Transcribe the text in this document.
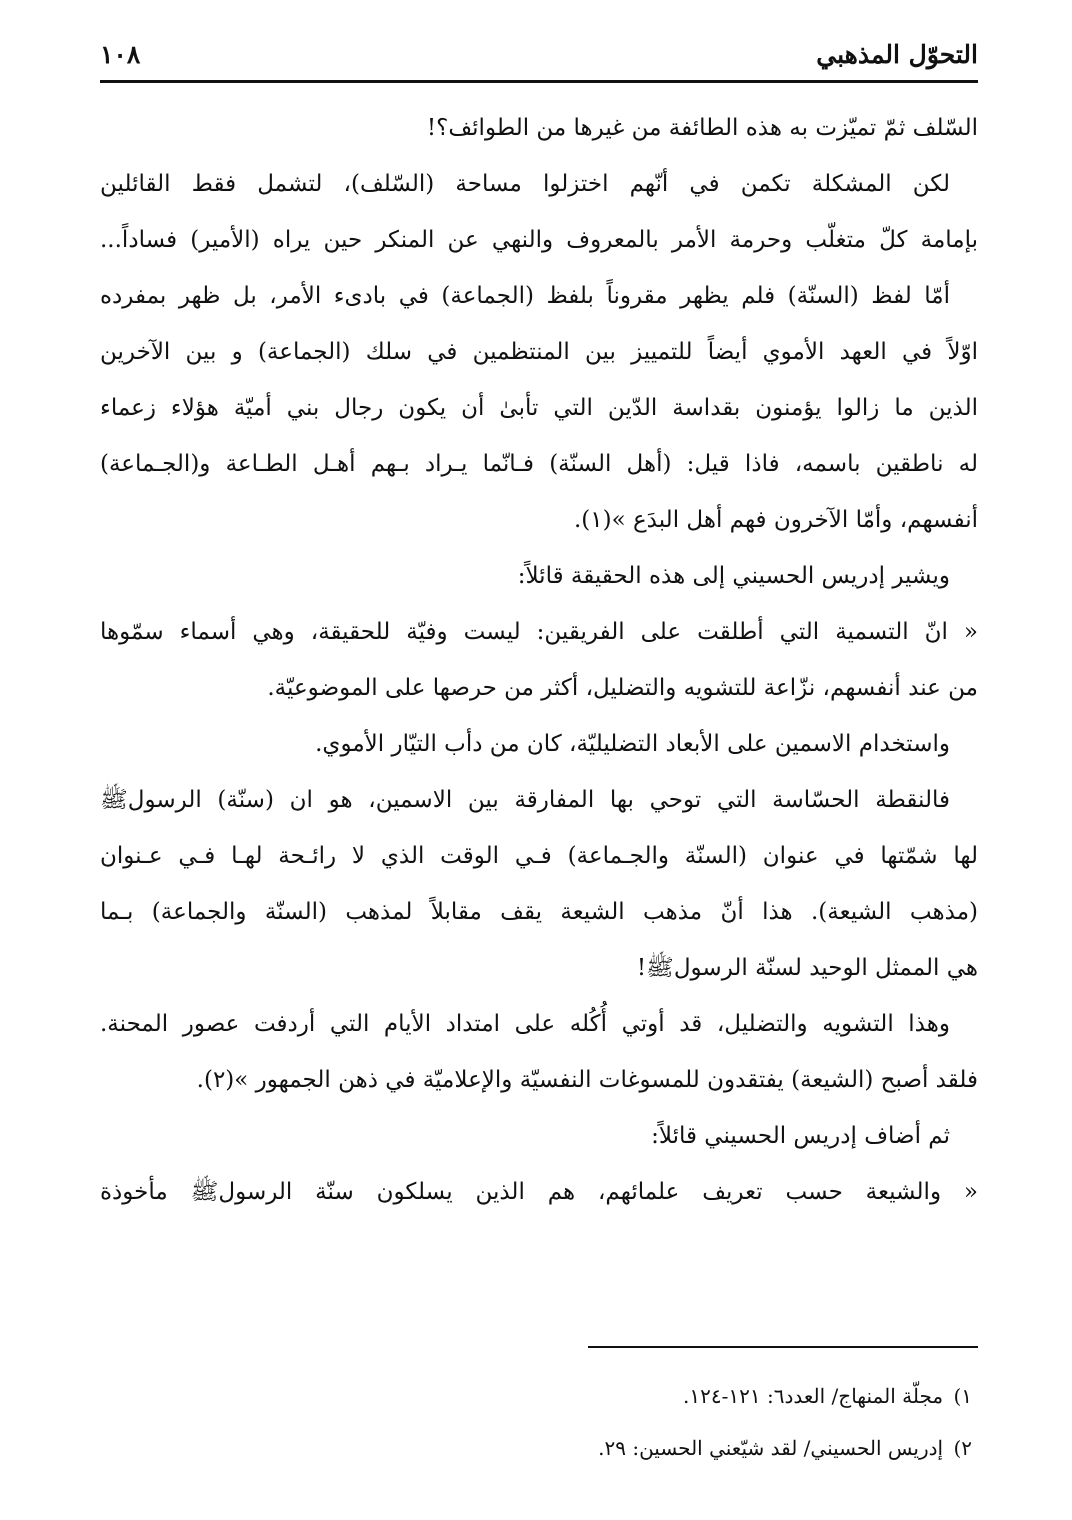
التحوّل المذهبي
١٠٨
السّلف ثمّ تميّزت به هذه الطائفة من غيرها من الطوائف؟!
لكن المشكلة تكمن في أنّهم اختزلوا مساحة (السّلف)، لتشمل فقط القائلين
بإمامة كلّ متغلّب وحرمة الأمر بالمعروف والنهي عن المنكر حين يراه (الأمير) فساداً...
أمّا لفظ (السنّة) فلم يظهر مقروناً بلفظ (الجماعة) في بادىء الأمر، بل ظهر بمفرده
اوّلاً في العهد الأموي أيضاً للتمييز بين المنتظمين في سلك (الجماعة) و بين الآخرين
الذين ما زالوا يؤمنون بقداسة الدّين التي تأبىٰ أن يكون رجال بني أميّة هؤلاء زعماء
له ناطقين باسمه، فاذا قيل: (أهل السنّة) فـانّما يـراد بـهم أهـل الطـاعة و(الجـماعة)
أنفسهم، وأمّا الآخرون فهم أهل البدَع »(١).
ويشير إدريس الحسيني إلى هذه الحقيقة قائلاً:
« انّ التسمية التي أطلقت على الفريقين: ليست وفيّة للحقيقة، وهي أسماء سمّوها
من عند أنفسهم، نزّاعة للتشويه والتضليل، أكثر من حرصها على الموضوعيّة.
واستخدام الاسمين على الأبعاد التضليليّة، كان من دأب التيّار الأموي.
فالنقطة الحسّاسة التي توحي بها المفارقة بين الاسمين، هو ان (سنّة) الرسولﷺ
لها شمّتها في عنوان (السنّة والجـماعة) فـي الوقت الذي لا رائـحة لهـا فـي عـنوان
(مذهب الشيعة). هذا أنّ مذهب الشيعة يقف مقابلاً لمذهب (السنّة والجماعة) بـما
هي الممثل الوحيد لسنّة الرسولﷺ!
وهذا التشويه والتضليل، قد أوتي أُكُله على امتداد الأيام التي أردفت عصور المحنة.
فلقد أصبح (الشيعة) يفتقدون للمسوغات النفسيّة والإعلاميّة في ذهن الجمهور »(٢).
ثم أضاف إدريس الحسيني قائلاً:
« والشيعة حسب تعريف علمائهم، هم الذين يسلكون سنّة الرسولﷺ مأخوذة
١) مجلّة المنهاج/ العدد٦: ١٢١-١٢٤.
٢) إدريس الحسيني/ لقد شيّعني الحسين: ٢٩.
